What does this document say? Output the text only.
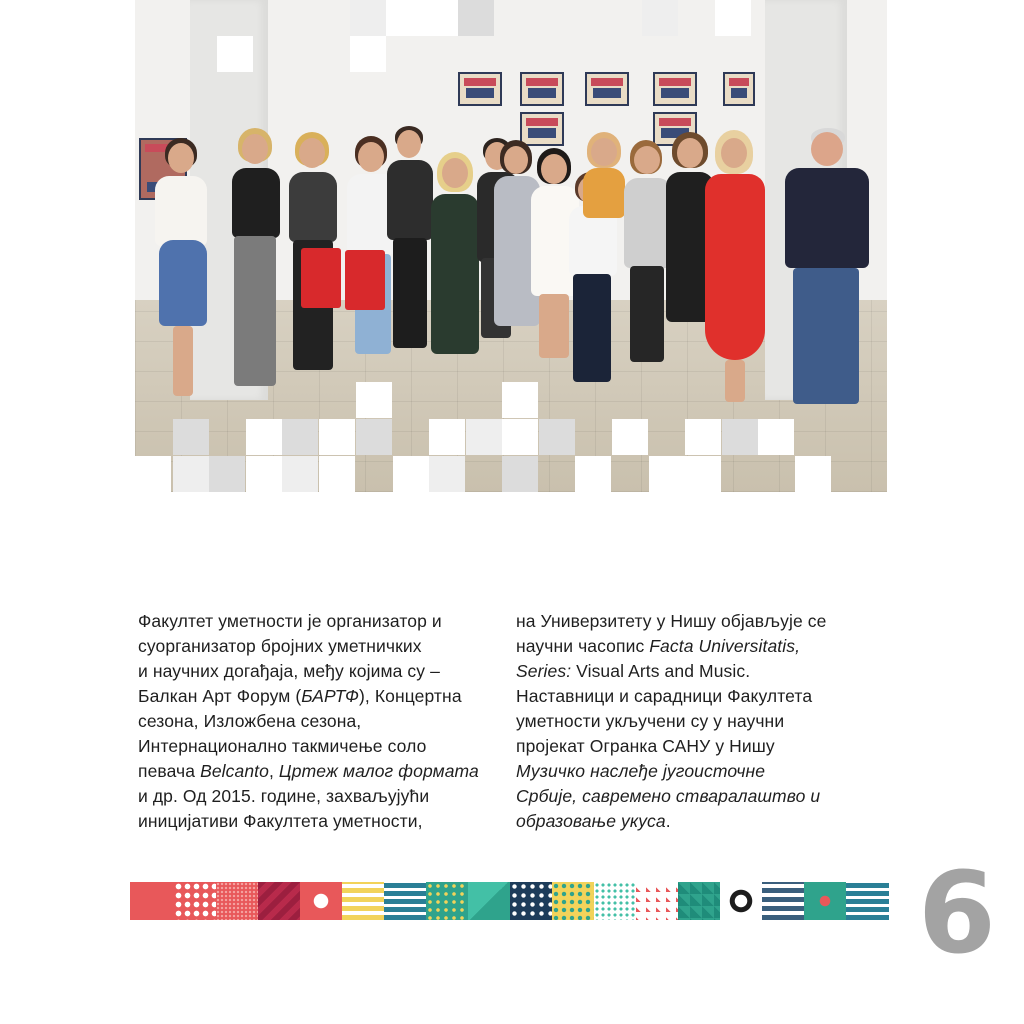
Факултет уметности је организатор и

суорганизатор бројних уметничких

и научних догађаја, међу којима су –

Балкан Арт Форум (БАРТФ), Концертна

сезона, Изложбена сезона,

Интернационално такмичење соло

певача Belcanto, Цртеж малог формата

и др. Од 2015. године, захваљујући

иницијативи Факултета уметности,

на Универзитету у Нишу објављује се

научни часопис Facta Universitatis,

Series: Visual Arts and Music.

Наставници и сарадници Факултета

уметности укључени су у научни

пројекат Огранка САНУ у Нишу

Музичко наслеђе југоисточне

Србије, савремено стваралаштво и

образовање укуса.

6
